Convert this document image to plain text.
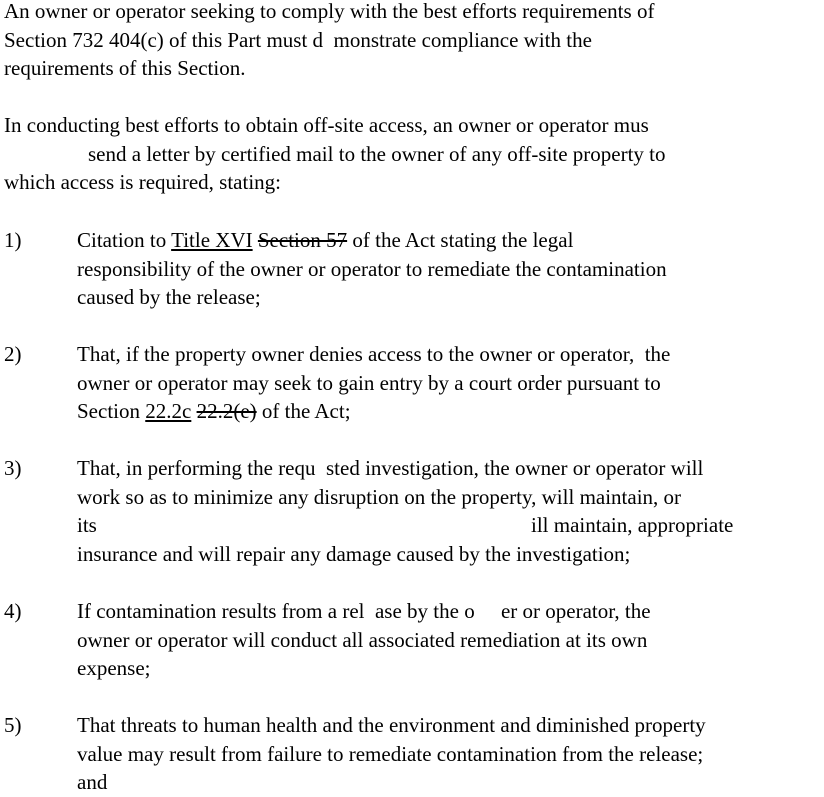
An owner or operator seeking to comply with the best efforts requirements of
Section 732 404(c) of this Part must d  monstrate compliance with the
requirements of this Section.
In conducting best efforts to obtain off-site access, an owner or operator mus
send a letter by certified mail to the owner of any off-site property to
which access is required, stating:
1)	Citation to Title XVI Section 57 of the Act stating the legal
responsibility of the owner or operator to remediate the contamination
caused by the release;
2)	That, if the property owner denies access to the owner or operator,  the
owner or operator may seek to gain entry by a court order pursuant to
Section 22.2c 22.2(e) of the Act;
3)	That, in performing the requ  sted investigation, the owner or operator will
work so as to minimize any disruption on the property, will maintain, or
its	ill maintain, appropriate
insurance and will repair any damage caused by the investigation;
4)	If contamination results from a rel  ase by the o     er or operator, the
owner or operator will conduct all associated remediation at its own
expense;
5)	That threats to human health and the environment and diminished property
value may result from failure to remediate contamination from the release;
and
